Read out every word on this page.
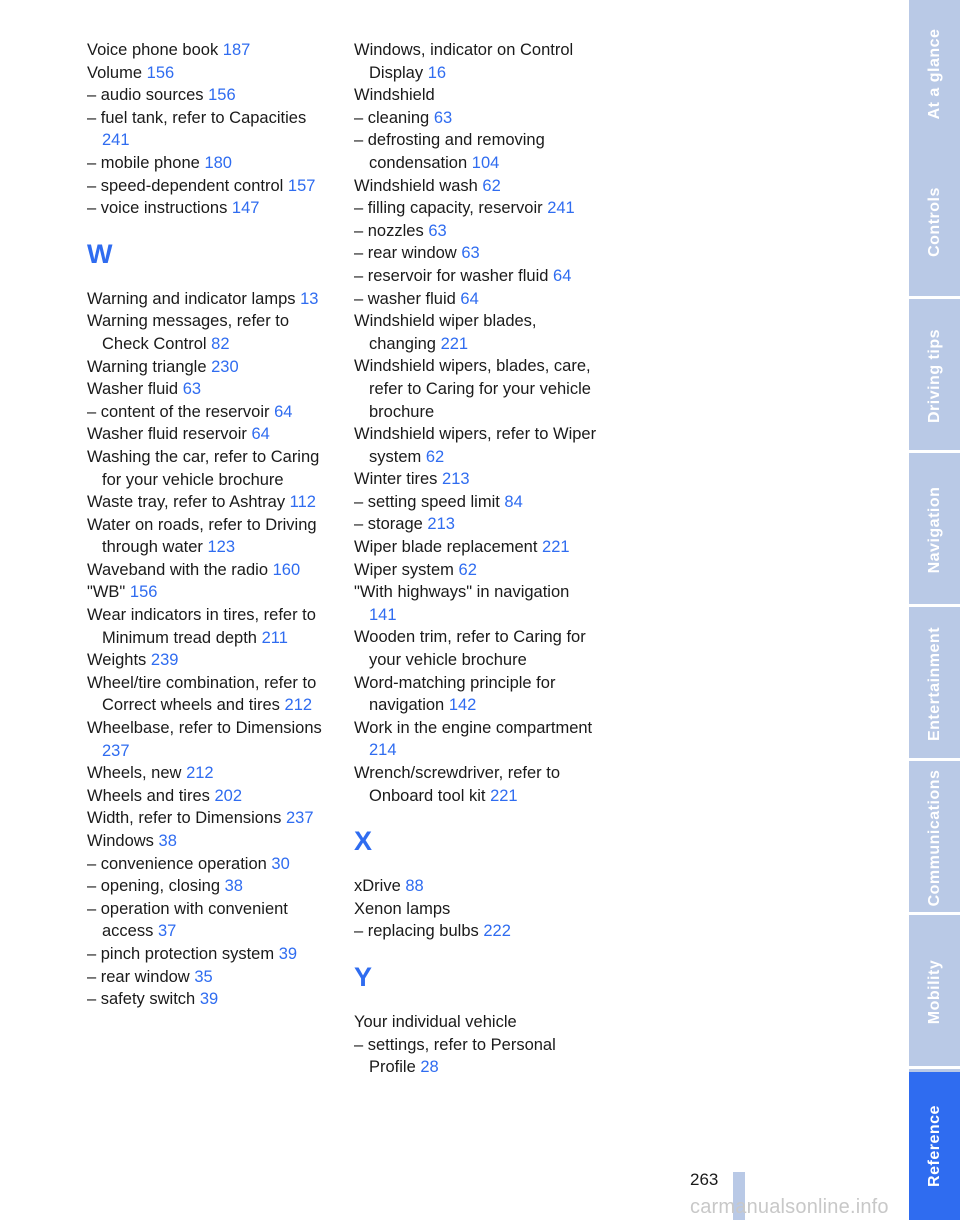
Voice phone book 187
Volume 156
– audio sources 156
– fuel tank, refer to Capacities 241
– mobile phone 180
– speed-dependent control 157
– voice instructions 147
W
Warning and indicator lamps 13
Warning messages, refer to Check Control 82
Warning triangle 230
Washer fluid 63
– content of the reservoir 64
Washer fluid reservoir 64
Washing the car, refer to Caring for your vehicle brochure
Waste tray, refer to Ashtray 112
Water on roads, refer to Driving through water 123
Waveband with the radio 160
"WB" 156
Wear indicators in tires, refer to Minimum tread depth 211
Weights 239
Wheel/tire combination, refer to Correct wheels and tires 212
Wheelbase, refer to Dimensions 237
Wheels, new 212
Wheels and tires 202
Width, refer to Dimensions 237
Windows 38
– convenience operation 30
– opening, closing 38
– operation with convenient access 37
– pinch protection system 39
– rear window 35
– safety switch 39
Windows, indicator on Control Display 16
Windshield
– cleaning 63
– defrosting and removing condensation 104
Windshield wash 62
– filling capacity, reservoir 241
– nozzles 63
– rear window 63
– reservoir for washer fluid 64
– washer fluid 64
Windshield wiper blades, changing 221
Windshield wipers, blades, care, refer to Caring for your vehicle brochure
Windshield wipers, refer to Wiper system 62
Winter tires 213
– setting speed limit 84
– storage 213
Wiper blade replacement 221
Wiper system 62
"With highways" in navigation 141
Wooden trim, refer to Caring for your vehicle brochure
Word-matching principle for navigation 142
Work in the engine compartment 214
Wrench/screwdriver, refer to Onboard tool kit 221
X
xDrive 88
Xenon lamps
– replacing bulbs 222
Y
Your individual vehicle
– settings, refer to Personal Profile 28
At a glance
Controls
Driving tips
Navigation
Entertainment
Communications
Mobility
Reference
263
carmanualsonline.info
